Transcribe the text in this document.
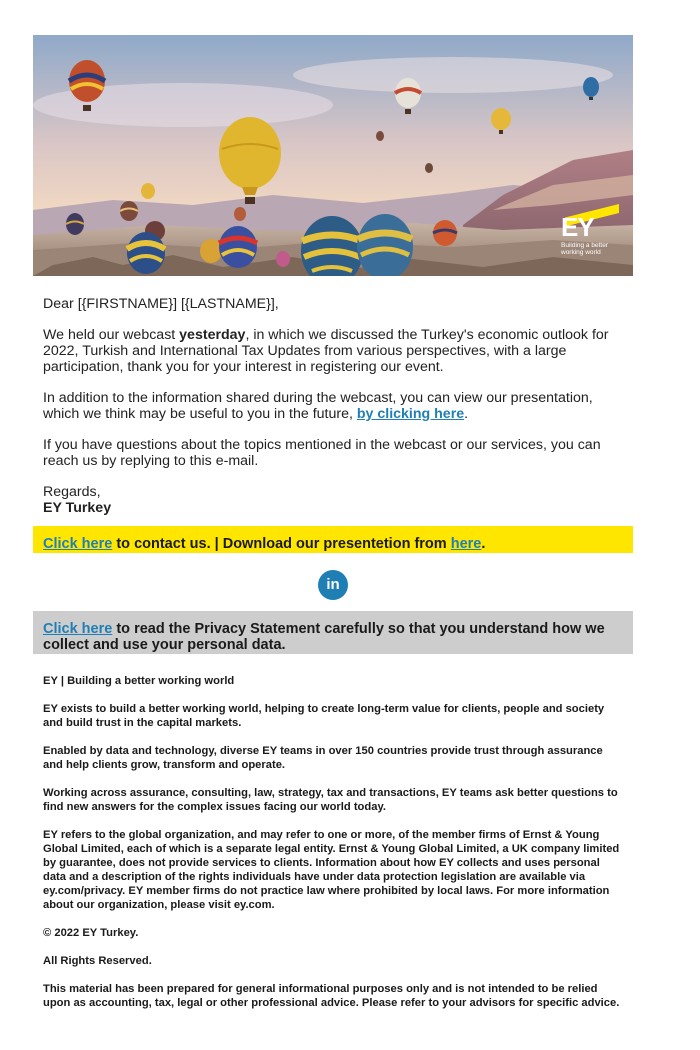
EY
Building a better working world

Dear [{FIRSTNAME}] [{LASTNAME}],

We held our webcast yesterday, in which we discussed the Turkey's economic outlook for 2022, Turkish and International Tax Updates from various perspectives, with a large participation, thank you for your interest in registering our event.

In addition to the information shared during the webcast, you can view our presentation, which we think may be useful to you in the future, by clicking here.

If you have questions about the topics mentioned in the webcast or our services, you can reach us by replying to this e-mail.

Regards,

EY Turkey

Click here to contact us. | Download our presentetion from here.
in
Click here to read the Privacy Statement carefully so that you understand how we collect and use your personal data.

EY | Building a better working world

EY exists to build a better working world, helping to create long-term value for clients, people and society and build trust in the capital markets.

Enabled by data and technology, diverse EY teams in over 150 countries provide trust through assurance and help clients grow, transform and operate.

Working across assurance, consulting, law, strategy, tax and transactions, EY teams ask better questions to find new answers for the complex issues facing our world today.

EY refers to the global organization, and may refer to one or more, of the member firms of Ernst & Young Global Limited, each of which is a separate legal entity. Ernst & Young Global Limited, a UK company limited by guarantee, does not provide services to clients. Information about how EY collects and uses personal data and a description of the rights individuals have under data protection legislation are available via ey.com/privacy. EY member firms do not practice law where prohibited by local laws. For more information about our organization, please visit ey.com.

© 2022 EY Turkey.

All Rights Reserved.

This material has been prepared for general informational purposes only and is not intended to be relied upon as accounting, tax, legal or other professional advice. Please refer to your advisors for specific advice.
